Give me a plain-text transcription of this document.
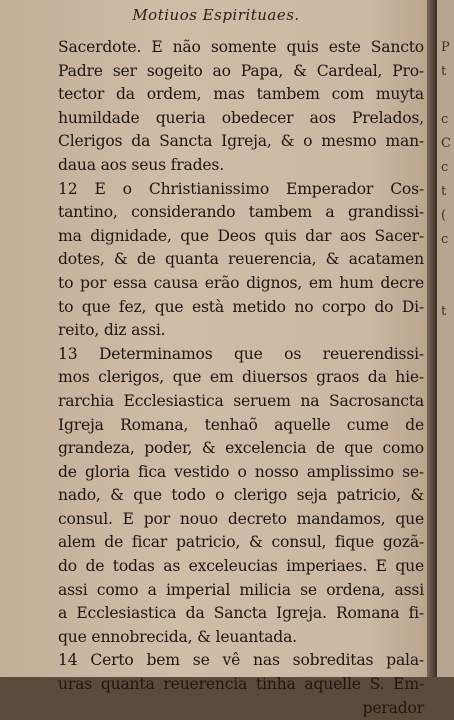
Motiuos Espirituaes.
Sacerdote. E não somente quis este Sancto
Padre ser sogeito ao Papa, & Cardeal, Pro-
tector da ordem, mas tambem com muyta
humildade queria obedecer aos Prelados,
Clerigos da Sancta Igreja, & o mesmo man-
daua aos seus frades.
12 E o Christianissimo Emperador Cos-
tantino, considerando tambem a grandissi-
ma dignidade, que Deos quis dar aos Sacer-
dotes, & de quanta reuerencia, & acatamen
to por essa causa erão dignos, em hum decre
to que fez, que està metido no corpo do Di-
reito, diz assi.
13 Determinamos que os reuerendissi-
mos clerigos, que em diuersos graos da hie-
rarchia Ecclesiastica seruem na Sacrosancta
Igreja Romana, tenhaõ aquelle cume de
grandeza, poder, & excelencia de que como
de gloria fica vestido o nosso amplissimo se-
nado, & que todo o clerigo seja patricio, &
consul. E por nouo decreto mandamos, que
alem de ficar patricio, & consul, fique gozã-
do de todas as exceleucias imperiaes. E que
assi como a imperial milicia se ordena, assi
a Ecclesiastica da Sancta Igreja. Romana fi-
que ennobrecida, & leuantada.
14 Certo bem se vê nas sobreditas pala-
uras quanta reuerencia tinha aquelle S. Em-
perador
P
t
c
C
c
t
(
c
t
